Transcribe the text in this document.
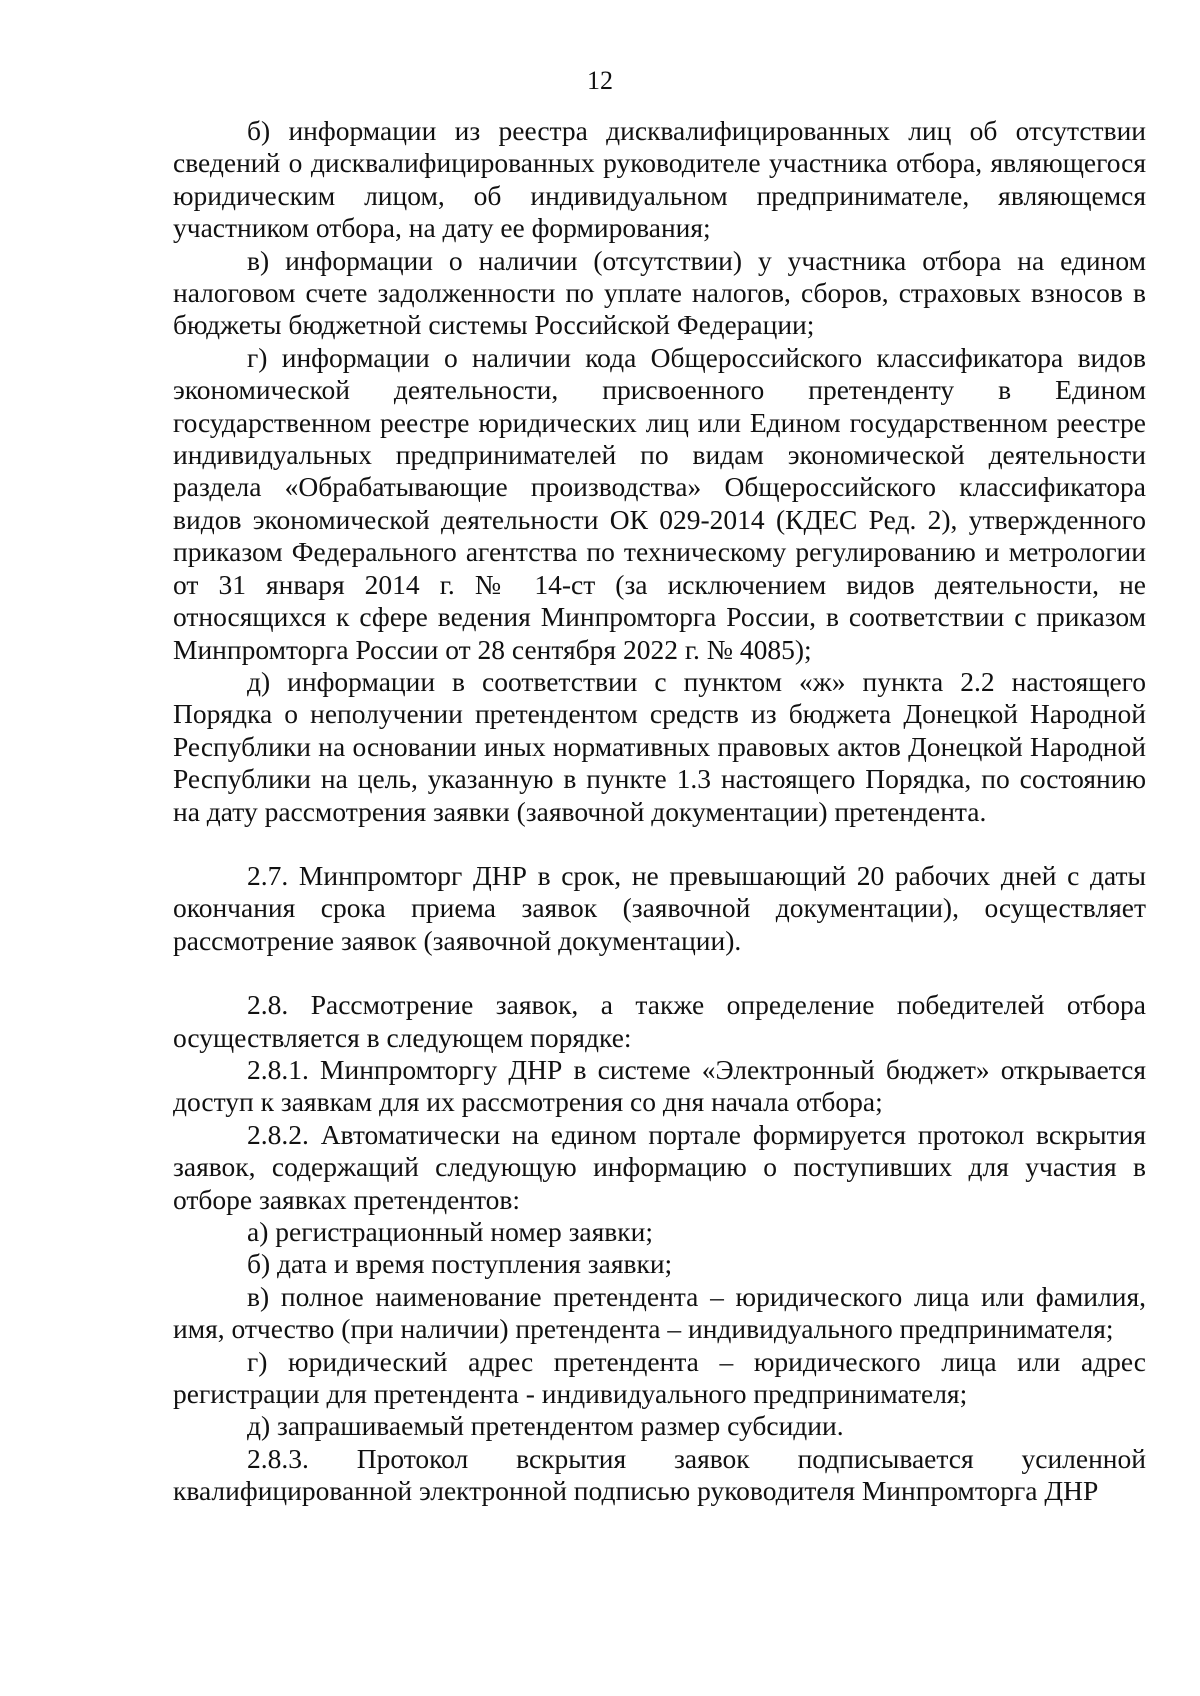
12

б) информации из реестра дисквалифицированных лиц об отсутствии сведений о дисквалифицированных руководителе участника отбора, являющегося юридическим лицом, об индивидуальном предпринимателе, являющемся участником отбора, на дату ее формирования;

в) информации о наличии (отсутствии) у участника отбора на едином налоговом счете задолженности по уплате налогов, сборов, страховых взносов в бюджеты бюджетной системы Российской Федерации;

г) информации о наличии кода Общероссийского классификатора видов экономической деятельности, присвоенного претенденту в Едином государственном реестре юридических лиц или Едином государственном реестре индивидуальных предпринимателей по видам экономической деятельности раздела «Обрабатывающие производства» Общероссийского классификатора видов экономической деятельности ОК 029-2014 (КДЕС Ред. 2), утвержденного приказом Федерального агентства по техническому регулированию и метрологии от 31 января 2014 г. № 14-ст (за исключением видов деятельности, не относящихся к сфере ведения Минпромторга России, в соответствии с приказом Минпромторга России от 28 сентября 2022 г. № 4085);

д) информации в соответствии с пунктом «ж» пункта 2.2 настоящего Порядка о неполучении претендентом средств из бюджета Донецкой Народной Республики на основании иных нормативных правовых актов Донецкой Народной Республики на цель, указанную в пункте 1.3 настоящего Порядка, по состоянию на дату рассмотрения заявки (заявочной документации) претендента.

2.7. Минпромторг ДНР в срок, не превышающий 20 рабочих дней с даты окончания срока приема заявок (заявочной документации), осуществляет рассмотрение заявок (заявочной документации).

2.8. Рассмотрение заявок, а также определение победителей отбора осуществляется в следующем порядке:

2.8.1. Минпромторгу ДНР в системе «Электронный бюджет» открывается доступ к заявкам для их рассмотрения со дня начала отбора;

2.8.2. Автоматически на едином портале формируется протокол вскрытия заявок, содержащий следующую информацию о поступивших для участия в отборе заявках претендентов:

а) регистрационный номер заявки;

б) дата и время поступления заявки;

в) полное наименование претендента – юридического лица или фамилия, имя, отчество (при наличии) претендента – индивидуального предпринимателя;

г) юридический адрес претендента – юридического лица или адрес регистрации для претендента - индивидуального предпринимателя;

д) запрашиваемый претендентом размер субсидии.

2.8.3. Протокол вскрытия заявок подписывается усиленной квалифицированной электронной подписью руководителя Минпромторга ДНР
